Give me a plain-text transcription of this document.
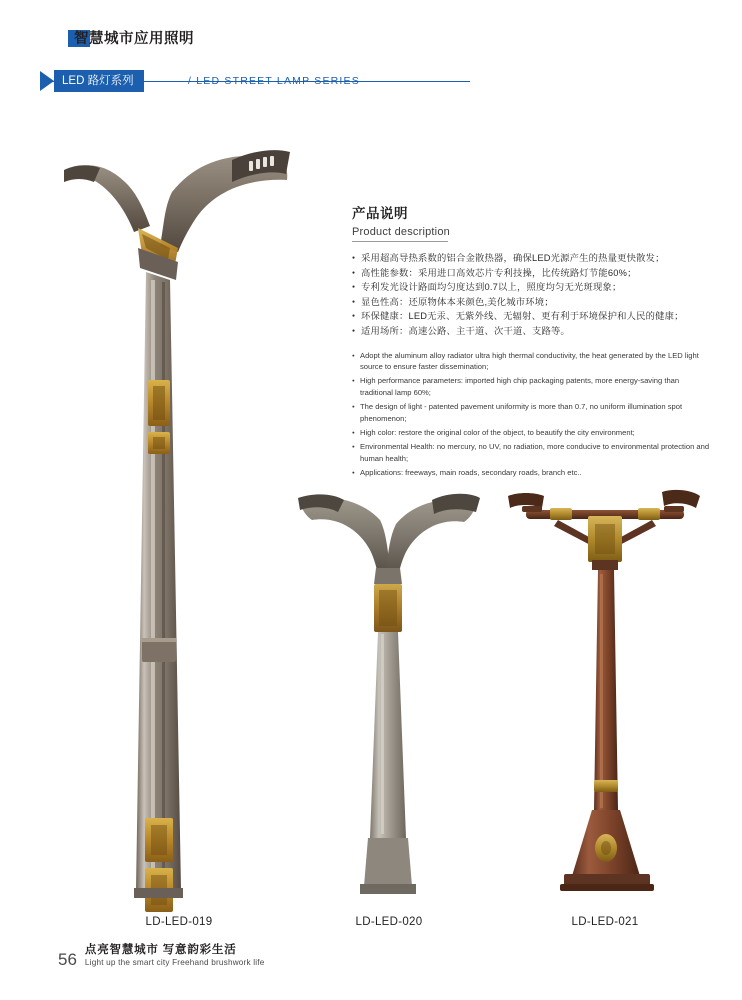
智慧城市应用照明
LED 路灯系列	/ LED STREET LAMP SERIES
产品说明
Product description
● 采用超高导热系数的铝合金散热器，确保LED光源产生的热量更快散发；
● 高性能参数：采用进口高效芯片专利技操，比传统路灯节能60%；
● 专利发光设计路面均匀度达到0.7以上，照度均匀无光斑现象；
● 显色性高：还原物体本来颜色,美化城市环境；
● 环保健康：LED无汞、无紫外线、无辐射、更有利于环境保护和人民的健康；
● 适用场所：高速公路、主干道、次干道、支路等。
● Adopt the aluminum alloy radiator ultra high thermal conductivity, the heat generated by the LED light source to ensure faster dissemination;
● High performance parameters: imported high chip packaging patents, more energy-saving than traditional lamp 60%;
● The design of light - patented pavement uniformity is more than 0.7, no uniform illumination spot phenomenon;
● High color: restore the original color of the object, to beautify the city environment;
● Environmental Health: no mercury, no UV, no radiation, more conducive to environmental protection and human health;
● Applications: freeways, main roads, secondary roads, branch etc..
LD-LED-019	LD-LED-020	LD-LED-021
56 点亮智慧城市 写意韵彩生活
Light up the smart city Freehand brushwork life
